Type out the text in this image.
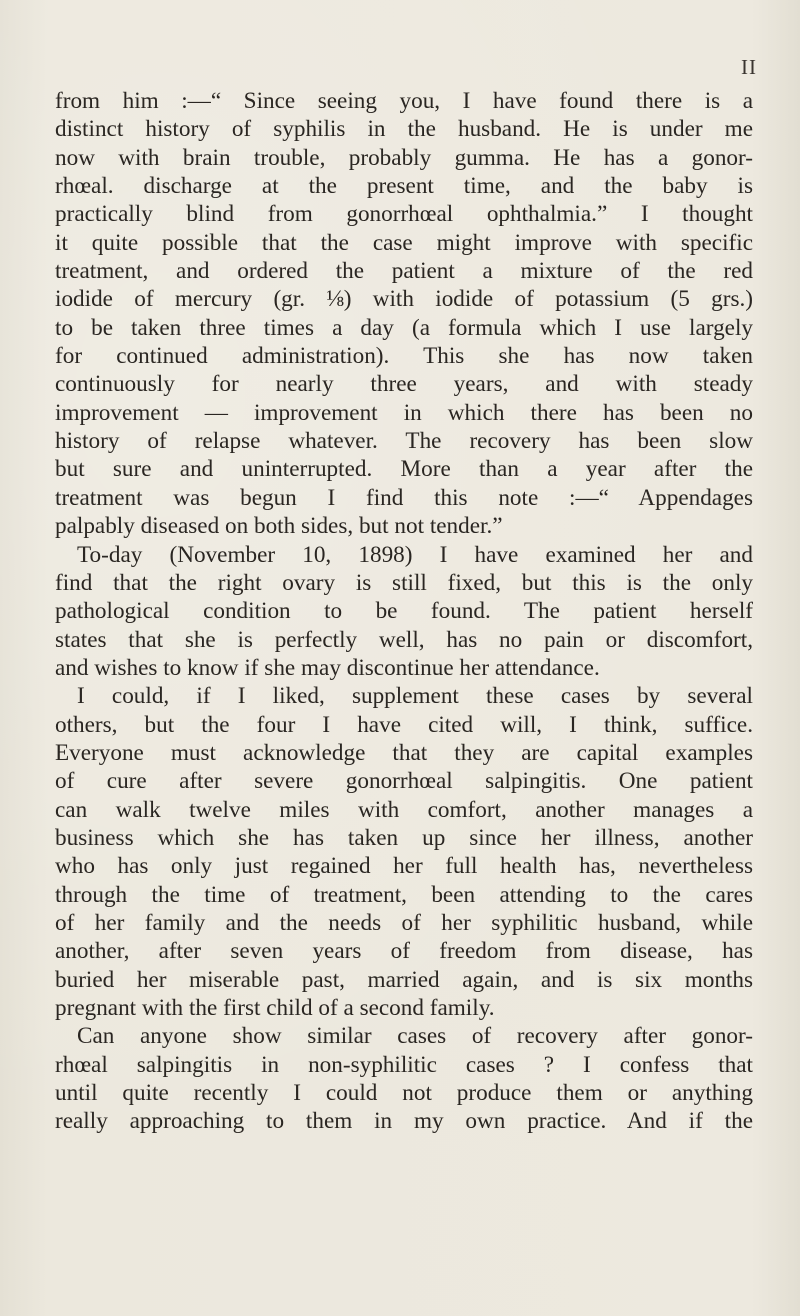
II
from him :—“ Since seeing you, I have found there is a
distinct history of syphilis in the husband. He is under me
now with brain trouble, probably gumma. He has a gonor-
rhœal. discharge at the present time, and the baby is
practically blind from gonorrhœal ophthalmia.” I thought
it quite possible that the case might improve with specific
treatment, and ordered the patient a mixture of the red
iodide of mercury (gr. ⅛) with iodide of potassium (5 grs.)
to be taken three times a day (a formula which I use largely
for continued administration). This she has now taken
continuously for nearly three years, and with steady
improvement — improvement in which there has been no
history of relapse whatever. The recovery has been slow
but sure and uninterrupted. More than a year after the
treatment was begun I find this note :—“ Appendages
palpably diseased on both sides, but not tender.”
To-day (November 10, 1898) I have examined her and
find that the right ovary is still fixed, but this is the only
pathological condition to be found. The patient herself
states that she is perfectly well, has no pain or discomfort,
and wishes to know if she may discontinue her attendance.
I could, if I liked, supplement these cases by several
others, but the four I have cited will, I think, suffice.
Everyone must acknowledge that they are capital examples
of cure after severe gonorrhœal salpingitis. One patient
can walk twelve miles with comfort, another manages a
business which she has taken up since her illness, another
who has only just regained her full health has, nevertheless
through the time of treatment, been attending to the cares
of her family and the needs of her syphilitic husband, while
another, after seven years of freedom from disease, has
buried her miserable past, married again, and is six months
pregnant with the first child of a second family.
Can anyone show similar cases of recovery after gonor-
rhœal salpingitis in non-syphilitic cases ? I confess that
until quite recently I could not produce them or anything
really approaching to them in my own practice. And if the
